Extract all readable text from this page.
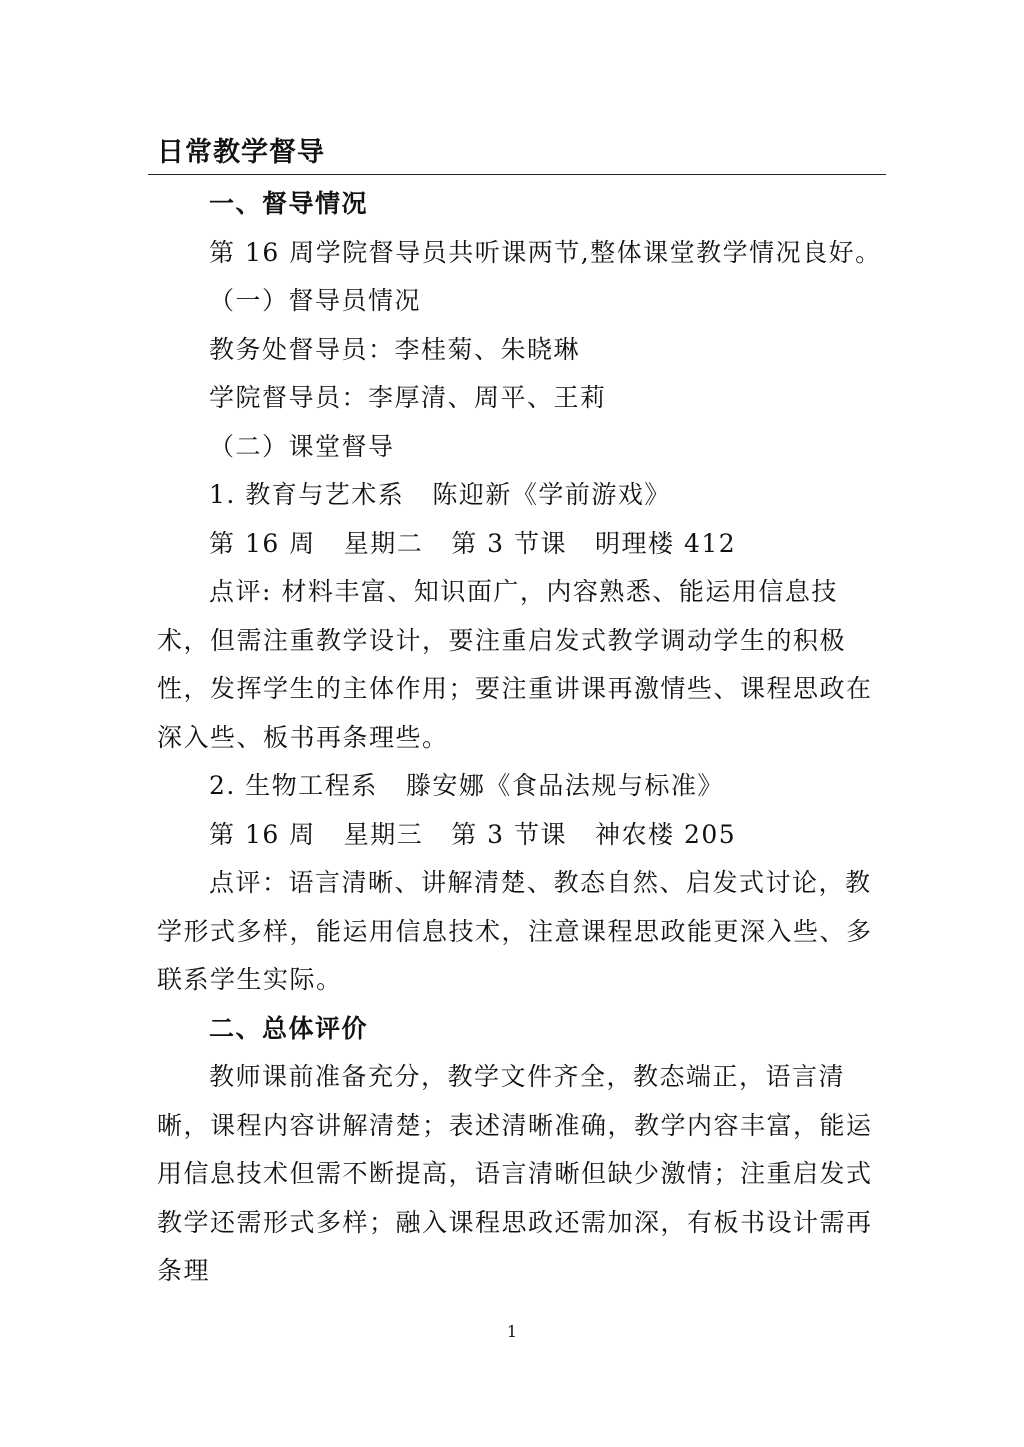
日常教学督导

一、督导情况

第 16 周学院督导员共听课两节,整体课堂教学情况良好。

（一）督导员情况

教务处督导员：李桂菊、朱晓琳

学院督导员：李厚清、周平、王莉

（二）课堂督导

1. 教育与艺术系 陈迎新《学前游戏》

第 16 周 星期二 第 3 节课 明理楼 412

点评: 材料丰富、知识面广，内容熟悉、能运用信息技术，但需注重教学设计，要注重启发式教学调动学生的积极性，发挥学生的主体作用；要注重讲课再激情些、课程思政在深入些、板书再条理些。

2. 生物工程系 滕安娜《食品法规与标准》

第 16 周 星期三 第 3 节课 神农楼 205

点评：语言清晰、讲解清楚、教态自然、启发式讨论，教学形式多样，能运用信息技术，注意课程思政能更深入些、多联系学生实际。

二、总体评价

教师课前准备充分，教学文件齐全，教态端正，语言清晰，课程内容讲解清楚；表述清晰准确，教学内容丰富，能运用信息技术但需不断提高，语言清晰但缺少激情；注重启发式教学还需形式多样；融入课程思政还需加深，有板书设计需再条理

1
